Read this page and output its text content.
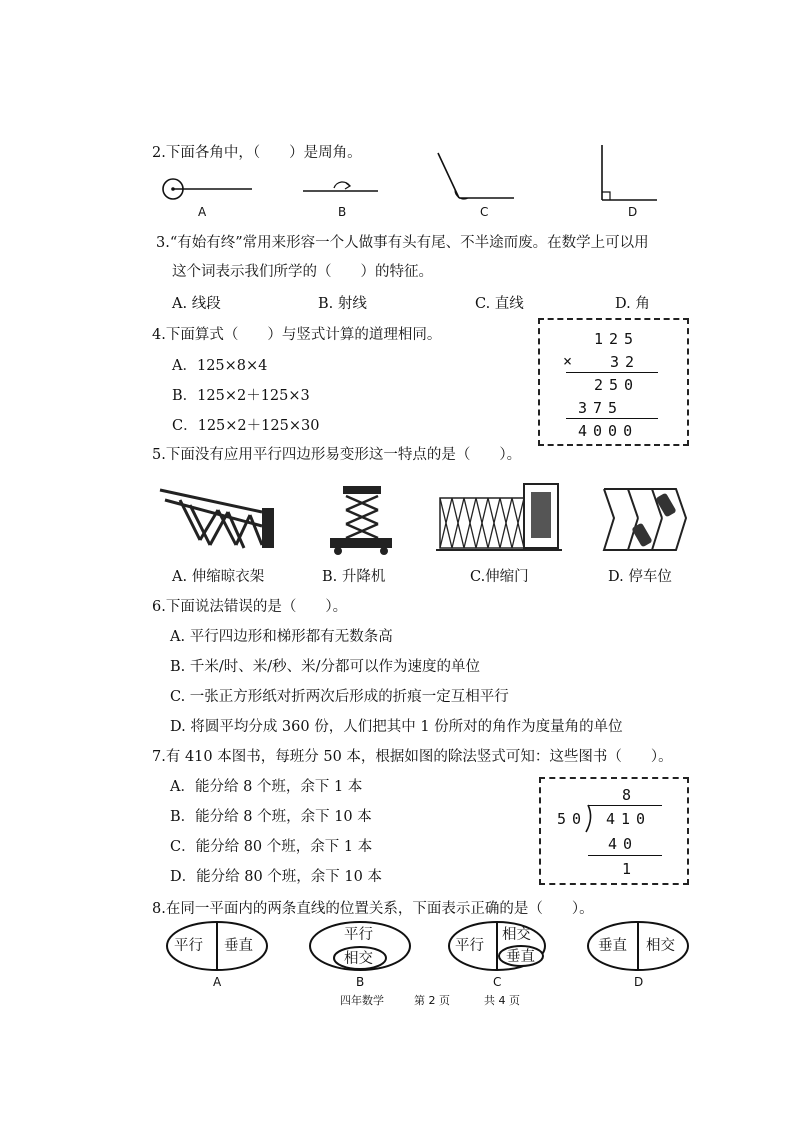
2.下面各角中，（　　）是周角。
A	B	C	D
3.“有始有终”常用来形容一个人做事有头有尾、不半途而废。在数学上可以用
这个词表示我们所学的（　　）的特征。
A. 线段	B. 射线	C. 直线	D. 角
4.下面算式（　　）与竖式计算的道理相同。
A．125×8×4
B．125×2＋125×3
C．125×2＋125×30
125
× 32
250
375
4000
5.下面没有应用平行四边形易变形这一特点的是（　　）。
A. 伸缩晾衣架	B. 升降机	C.伸缩门	D. 停车位
6.下面说法错误的是（　　）。
A. 平行四边形和梯形都有无数条高
B. 千米/时、米/秒、米/分都可以作为速度的单位
C. 一张正方形纸对折两次后形成的折痕一定互相平行
D. 将圆平均分成 360 份，人们把其中 1 份所对的角作为度量角的单位
7.有 410 本图书，每班分 50 本，根据如图的除法竖式可知：这些图书（　　）。
A．能分给 8 个班，余下 1 本
B．能分给 8 个班，余下 10 本
C．能分给 80 个班，余下 1 本
D．能分给 80 个班，余下 10 本
8
50 410
40
1
8.在同一平面内的两条直线的位置关系，下面表示正确的是（　　）。
平行 垂直
A
平行
相交
B
平行
相交
垂直
C
垂直 相交
D
四年数学	第 2 页	共 4 页
